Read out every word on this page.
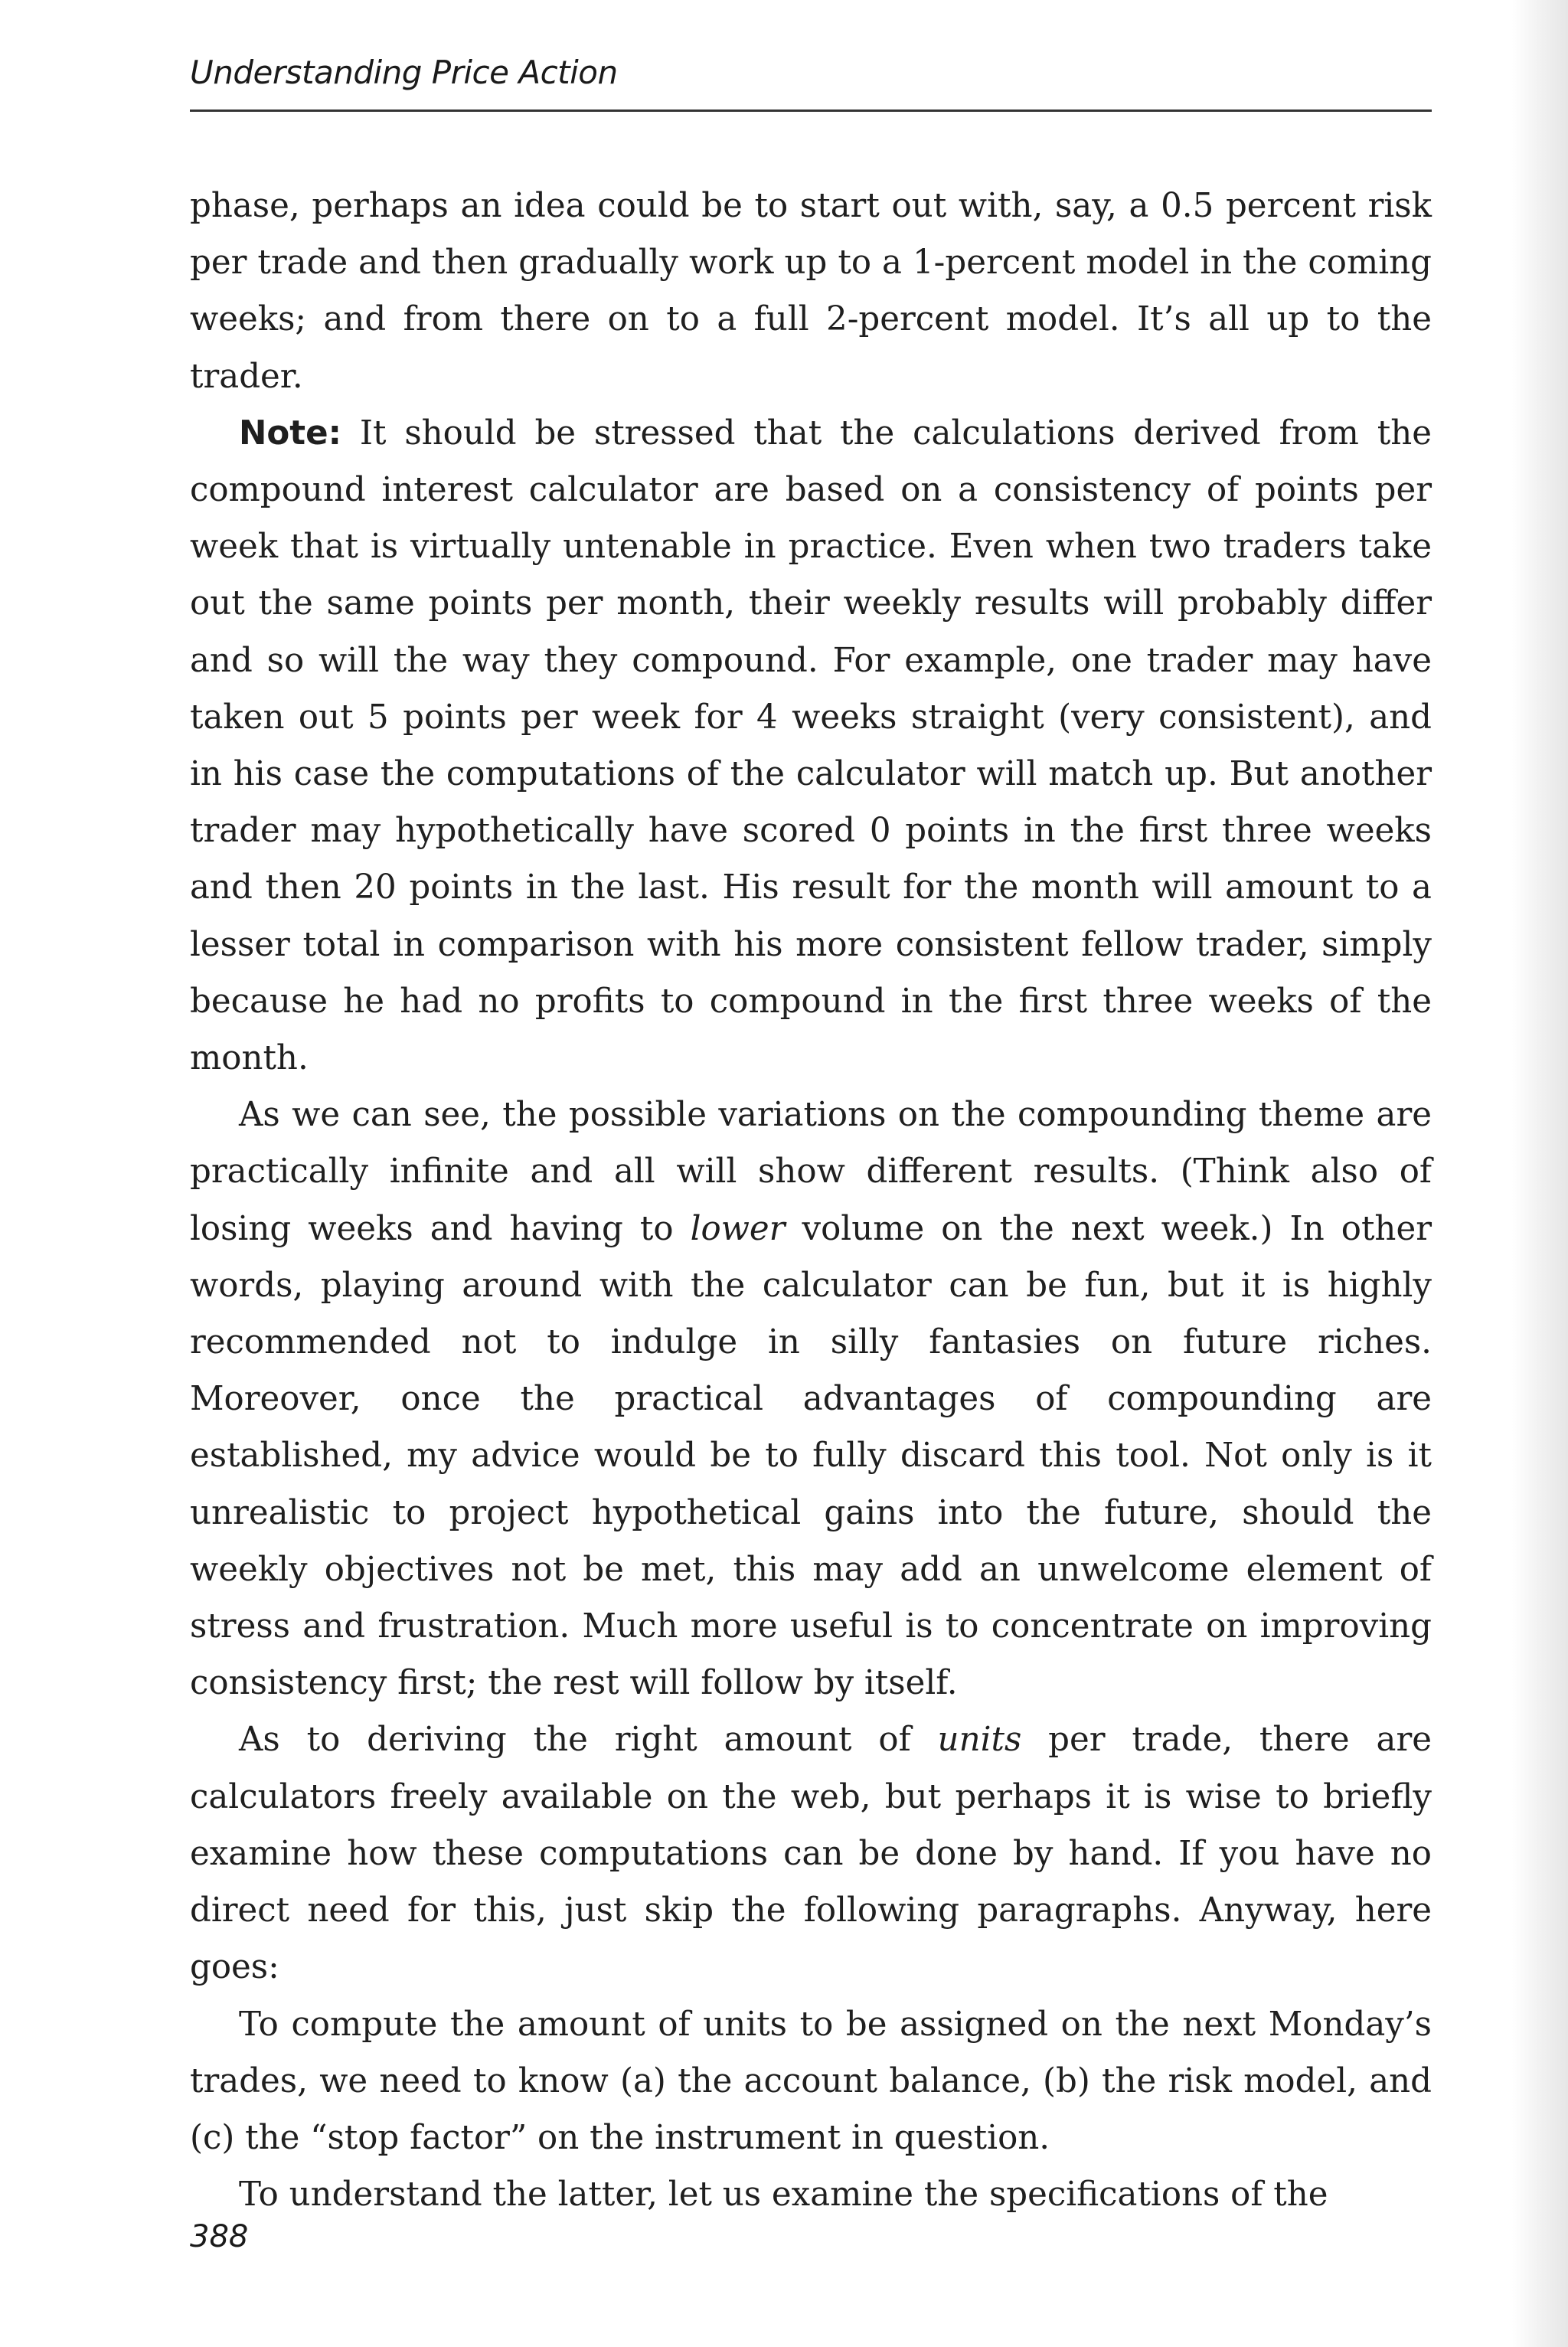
Understanding Price Action

phase, perhaps an idea could be to start out with, say, a 0.5 percent risk per trade and then gradually work up to a 1-percent model in the coming weeks; and from there on to a full 2-percent model. It’s all up to the trader.

Note: It should be stressed that the calculations derived from the compound interest calculator are based on a consistency of points per week that is virtually untenable in practice. Even when two traders take out the same points per month, their weekly results will probably differ and so will the way they compound. For example, one trader may have taken out 5 points per week for 4 weeks straight (very consistent), and in his case the computations of the calculator will match up. But another trader may hypothetically have scored 0 points in the first three weeks and then 20 points in the last. His result for the month will amount to a lesser total in comparison with his more consistent fellow trader, simply because he had no profits to compound in the first three weeks of the month.

As we can see, the possible variations on the compounding theme are practically infinite and all will show different results. (Think also of losing weeks and having to lower volume on the next week.) In other words, playing around with the calculator can be fun, but it is highly recommended not to indulge in silly fantasies on future riches. Moreover, once the practical advantages of compounding are established, my advice would be to fully discard this tool. Not only is it unrealistic to project hypothetical gains into the future, should the weekly objectives not be met, this may add an unwelcome element of stress and frustration. Much more useful is to concentrate on improving consistency first; the rest will follow by itself.

As to deriving the right amount of units per trade, there are calculators freely available on the web, but perhaps it is wise to briefly examine how these computations can be done by hand. If you have no direct need for this, just skip the following paragraphs. Anyway, here goes:

To compute the amount of units to be assigned on the next Monday’s trades, we need to know (a) the account balance, (b) the risk model, and (c) the “stop factor” on the instrument in question.

To understand the latter, let us examine the specifications of the

388
